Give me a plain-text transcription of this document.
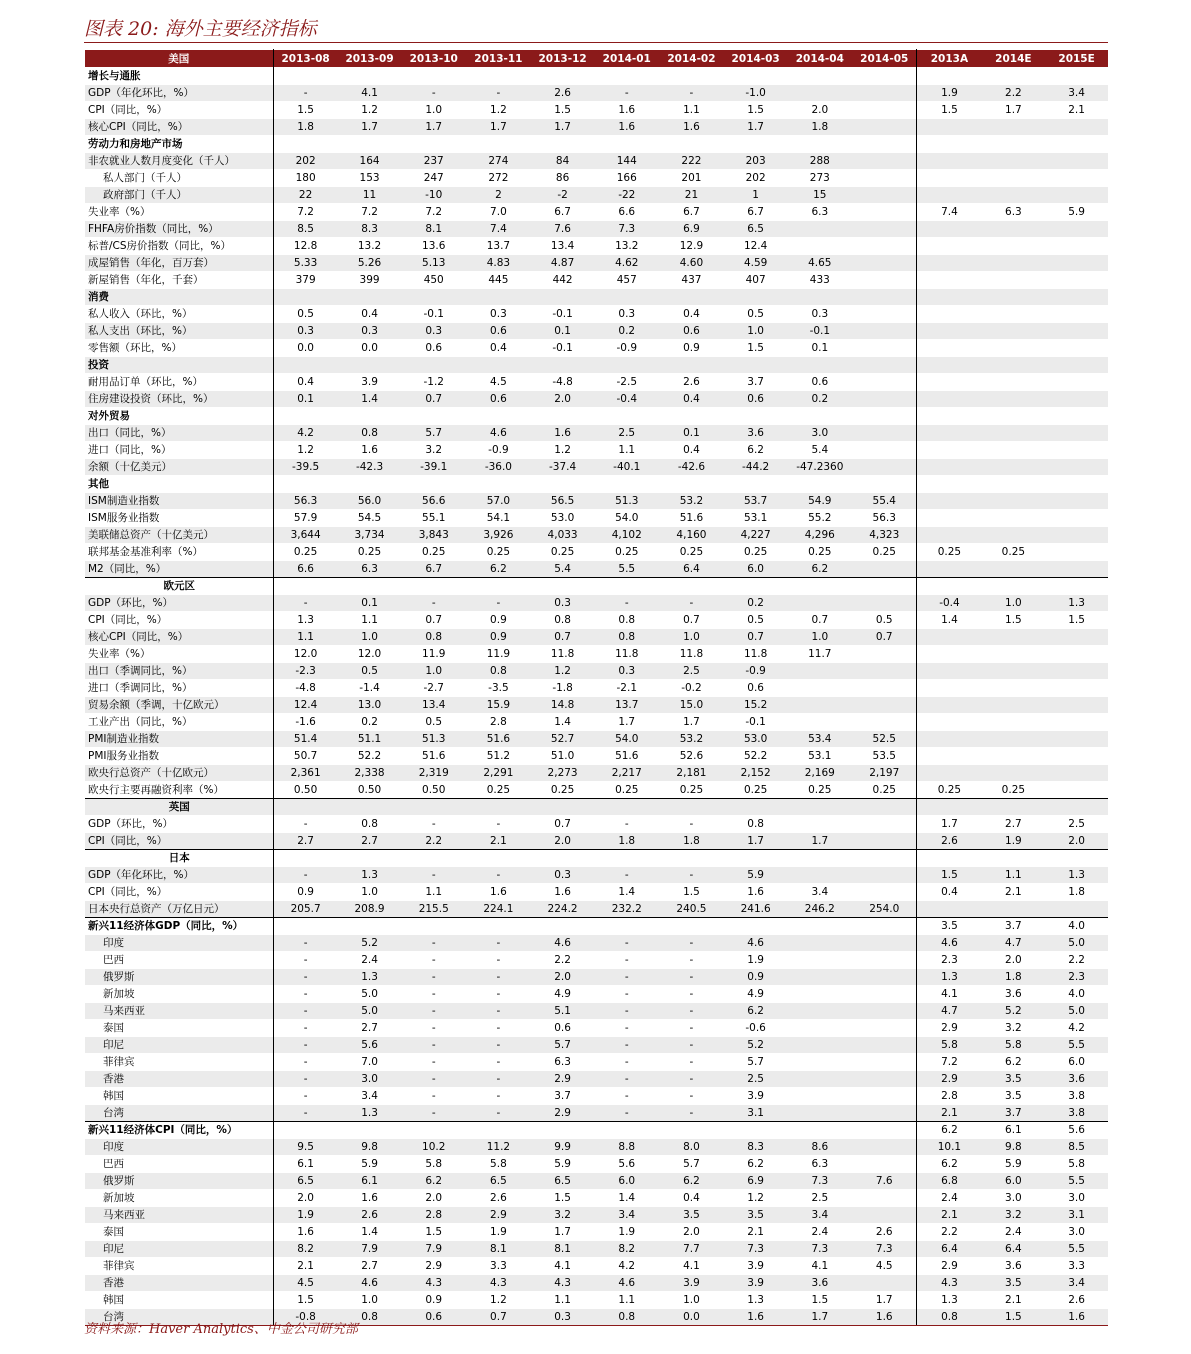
图表 20: 海外主要经济指标
美国	2013-08	2013-09	2013-10	2013-11	2013-12	2014-01	2014-02	2014-03	2014-04	2014-05	2013A	2014E	2015E
增长与通胀													
GDP（年化环比，%）	-	4.1	-	-	2.6	-	-	-1.0			1.9	2.2	3.4
CPI（同比，%）	1.5	1.2	1.0	1.2	1.5	1.6	1.1	1.5	2.0		1.5	1.7	2.1
核心CPI（同比，%）	1.8	1.7	1.7	1.7	1.7	1.6	1.6	1.7	1.8				
劳动力和房地产市场													
非农就业人数月度变化（千人）	202	164	237	274	84	144	222	203	288				
私人部门（千人）	180	153	247	272	86	166	201	202	273				
政府部门（千人）	22	11	-10	2	-2	-22	21	1	15				
失业率（%）	7.2	7.2	7.2	7.0	6.7	6.6	6.7	6.7	6.3		7.4	6.3	5.9
FHFA房价指数（同比，%）	8.5	8.3	8.1	7.4	7.6	7.3	6.9	6.5					
标普/CS房价指数（同比，%）	12.8	13.2	13.6	13.7	13.4	13.2	12.9	12.4					
成屋销售（年化，百万套）	5.33	5.26	5.13	4.83	4.87	4.62	4.60	4.59	4.65				
新屋销售（年化，千套）	379	399	450	445	442	457	437	407	433				
消费													
私人收入（环比，%）	0.5	0.4	-0.1	0.3	-0.1	0.3	0.4	0.5	0.3				
私人支出（环比，%）	0.3	0.3	0.3	0.6	0.1	0.2	0.6	1.0	-0.1				
零售额（环比，%）	0.0	0.0	0.6	0.4	-0.1	-0.9	0.9	1.5	0.1				
投资													
耐用品订单（环比，%）	0.4	3.9	-1.2	4.5	-4.8	-2.5	2.6	3.7	0.6				
住房建设投资（环比，%）	0.1	1.4	0.7	0.6	2.0	-0.4	0.4	0.6	0.2				
对外贸易													
出口（同比，%）	4.2	0.8	5.7	4.6	1.6	2.5	0.1	3.6	3.0				
进口（同比，%）	1.2	1.6	3.2	-0.9	1.2	1.1	0.4	6.2	5.4				
余额（十亿美元）	-39.5	-42.3	-39.1	-36.0	-37.4	-40.1	-42.6	-44.2	-47.2360				
其他													
ISM制造业指数	56.3	56.0	56.6	57.0	56.5	51.3	53.2	53.7	54.9	55.4			
ISM服务业指数	57.9	54.5	55.1	54.1	53.0	54.0	51.6	53.1	55.2	56.3			
美联储总资产（十亿美元）	3,644	3,734	3,843	3,926	4,033	4,102	4,160	4,227	4,296	4,323			
联邦基金基准利率（%）	0.25	0.25	0.25	0.25	0.25	0.25	0.25	0.25	0.25	0.25	0.25	0.25	
M2（同比，%）	6.6	6.3	6.7	6.2	5.4	5.5	6.4	6.0	6.2				
欧元区													
GDP（环比，%）	-	0.1	-	-	0.3	-	-	0.2			-0.4	1.0	1.3
CPI（同比，%）	1.3	1.1	0.7	0.9	0.8	0.8	0.7	0.5	0.7	0.5	1.4	1.5	1.5
核心CPI（同比，%）	1.1	1.0	0.8	0.9	0.7	0.8	1.0	0.7	1.0	0.7			
失业率（%）	12.0	12.0	11.9	11.9	11.8	11.8	11.8	11.8	11.7				
出口（季调同比，%）	-2.3	0.5	1.0	0.8	1.2	0.3	2.5	-0.9					
进口（季调同比，%）	-4.8	-1.4	-2.7	-3.5	-1.8	-2.1	-0.2	0.6					
贸易余额（季调，十亿欧元）	12.4	13.0	13.4	15.9	14.8	13.7	15.0	15.2					
工业产出（同比，%）	-1.6	0.2	0.5	2.8	1.4	1.7	1.7	-0.1					
PMI制造业指数	51.4	51.1	51.3	51.6	52.7	54.0	53.2	53.0	53.4	52.5			
PMI服务业指数	50.7	52.2	51.6	51.2	51.0	51.6	52.6	52.2	53.1	53.5			
欧央行总资产（十亿欧元）	2,361	2,338	2,319	2,291	2,273	2,217	2,181	2,152	2,169	2,197			
欧央行主要再融资利率（%）	0.50	0.50	0.50	0.25	0.25	0.25	0.25	0.25	0.25	0.25	0.25	0.25	
英国													
GDP（环比，%）	-	0.8	-	-	0.7	-	-	0.8			1.7	2.7	2.5
CPI（同比，%）	2.7	2.7	2.2	2.1	2.0	1.8	1.8	1.7	1.7		2.6	1.9	2.0
日本													
GDP（年化环比，%）	-	1.3	-	-	0.3	-	-	5.9			1.5	1.1	1.3
CPI（同比，%）	0.9	1.0	1.1	1.6	1.6	1.4	1.5	1.6	3.4		0.4	2.1	1.8
日本央行总资产（万亿日元）	205.7	208.9	215.5	224.1	224.2	232.2	240.5	241.6	246.2	254.0			
新兴11经济体GDP（同比，%）											3.5	3.7	4.0
印度	-	5.2	-	-	4.6	-	-	4.6			4.6	4.7	5.0
巴西	-	2.4	-	-	2.2	-	-	1.9			2.3	2.0	2.2
俄罗斯	-	1.3	-	-	2.0	-	-	0.9			1.3	1.8	2.3
新加坡	-	5.0	-	-	4.9	-	-	4.9			4.1	3.6	4.0
马来西亚	-	5.0	-	-	5.1	-	-	6.2			4.7	5.2	5.0
泰国	-	2.7	-	-	0.6	-	-	-0.6			2.9	3.2	4.2
印尼	-	5.6	-	-	5.7	-	-	5.2			5.8	5.8	5.5
菲律宾	-	7.0	-	-	6.3	-	-	5.7			7.2	6.2	6.0
香港	-	3.0	-	-	2.9	-	-	2.5			2.9	3.5	3.6
韩国	-	3.4	-	-	3.7	-	-	3.9			2.8	3.5	3.8
台湾	-	1.3	-	-	2.9	-	-	3.1			2.1	3.7	3.8
新兴11经济体CPI（同比，%）											6.2	6.1	5.6
印度	9.5	9.8	10.2	11.2	9.9	8.8	8.0	8.3	8.6		10.1	9.8	8.5
巴西	6.1	5.9	5.8	5.8	5.9	5.6	5.7	6.2	6.3		6.2	5.9	5.8
俄罗斯	6.5	6.1	6.2	6.5	6.5	6.0	6.2	6.9	7.3	7.6	6.8	6.0	5.5
新加坡	2.0	1.6	2.0	2.6	1.5	1.4	0.4	1.2	2.5		2.4	3.0	3.0
马来西亚	1.9	2.6	2.8	2.9	3.2	3.4	3.5	3.5	3.4		2.1	3.2	3.1
泰国	1.6	1.4	1.5	1.9	1.7	1.9	2.0	2.1	2.4	2.6	2.2	2.4	3.0
印尼	8.2	7.9	7.9	8.1	8.1	8.2	7.7	7.3	7.3	7.3	6.4	6.4	5.5
菲律宾	2.1	2.7	2.9	3.3	4.1	4.2	4.1	3.9	4.1	4.5	2.9	3.6	3.3
香港	4.5	4.6	4.3	4.3	4.3	4.6	3.9	3.9	3.6		4.3	3.5	3.4
韩国	1.5	1.0	0.9	1.2	1.1	1.1	1.0	1.3	1.5	1.7	1.3	2.1	2.6
台湾	-0.8	0.8	0.6	0.7	0.3	0.8	0.0	1.6	1.7	1.6	0.8	1.5	1.6
资料来源：Haver Analytics、中金公司研究部
